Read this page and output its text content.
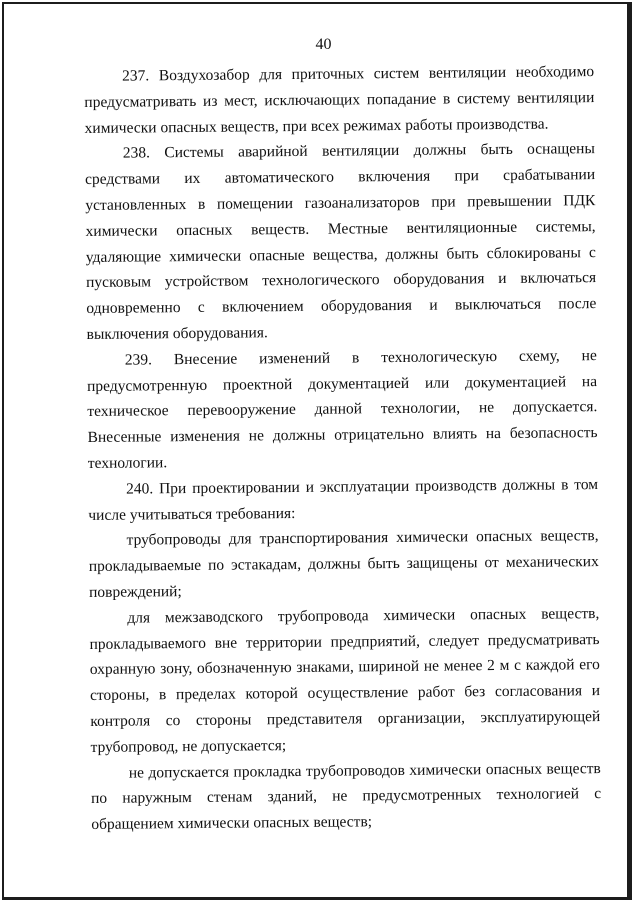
40

237. Воздухозабор для приточных систем вентиляции необходимо предусматривать из мест, исключающих попадание в систему вентиляции химически опасных веществ, при всех режимах работы производства.

238. Системы аварийной вентиляции должны быть оснащены средствами их автоматического включения при срабатывании установленных в помещении газоанализаторов при превышении ПДК химически опасных веществ. Местные вентиляционные системы, удаляющие химически опасные вещества, должны быть сблокированы с пусковым устройством технологического оборудования и включаться одновременно с включением оборудования и выключаться после выключения оборудования.

239. Внесение изменений в технологическую схему, не предусмотренную проектной документацией или документацией на техническое перевооружение данной технологии, не допускается. Внесенные изменения не должны отрицательно влиять на безопасность технологии.

240. При проектировании и эксплуатации производств должны в том числе учитываться требования:

трубопроводы для транспортирования химически опасных веществ, прокладываемые по эстакадам, должны быть защищены от механических повреждений;

для межзаводского трубопровода химически опасных веществ, прокладываемого вне территории предприятий, следует предусматривать охранную зону, обозначенную знаками, шириной не менее 2 м с каждой его стороны, в пределах которой осуществление работ без согласования и контроля со стороны представителя организации, эксплуатирующей трубопровод, не допускается;

не допускается прокладка трубопроводов химически опасных веществ по наружным стенам зданий, не предусмотренных технологией с обращением химически опасных веществ;
